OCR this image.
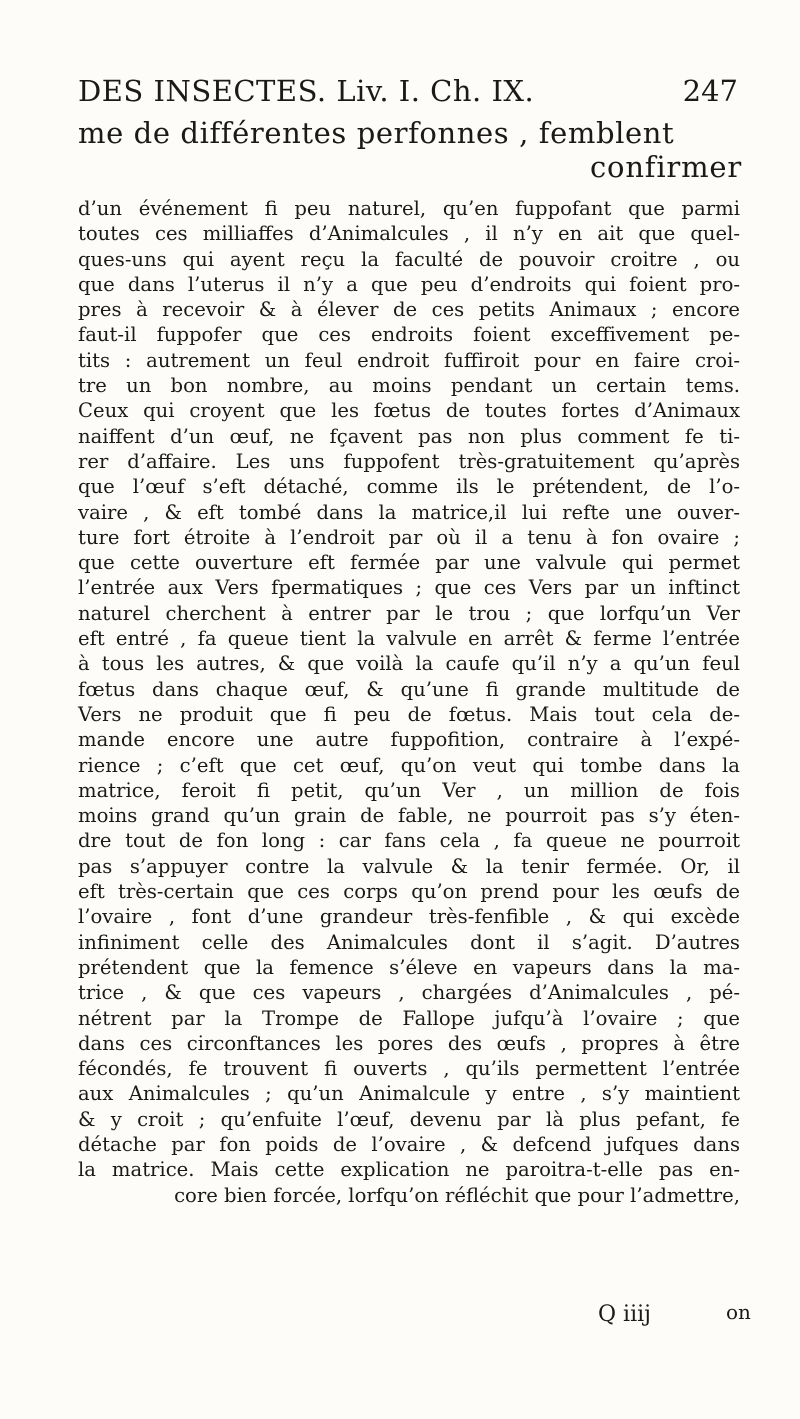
DES INSECTES. Liv. I. Ch. IX.	247
me de différentes perfonnes , femblent
confirmer
d’un événement fi peu naturel, qu’en fuppofant que parmi
toutes ces milliaffes d’Animalcules , il n’y en ait que quel-
ques-uns qui ayent reçu la faculté de pouvoir croitre , ou
que dans l’uterus il n’y a que peu d’endroits qui foient pro-
pres à recevoir & à élever de ces petits Animaux ; encore
faut-il fuppofer que ces endroits foient exceffivement pe-
tits : autrement un feul endroit fuffiroit pour en faire croi-
tre un bon nombre, au moins pendant un certain tems.
Ceux qui croyent que les fœtus de toutes fortes d’Animaux
naiffent d’un œuf, ne fçavent pas non plus comment fe ti-
rer d’affaire. Les uns fuppofent très-gratuitement qu’après
que l’œuf s’eft détaché, comme ils le prétendent, de l’o-
vaire , & eft tombé dans la matrice,il lui refte une ouver-
ture fort étroite à l’endroit par où il a tenu à fon ovaire ;
que cette ouverture eft fermée par une valvule qui permet
l’entrée aux Vers fpermatiques ; que ces Vers par un inftinct
naturel cherchent à entrer par le trou ; que lorfqu’un Ver
eft entré , fa queue tient la valvule en arrêt & ferme l’entrée
à tous les autres, & que voilà la caufe qu’il n’y a qu’un feul
fœtus dans chaque œuf, & qu’une fi grande multitude de
Vers ne produit que fi peu de fœtus. Mais tout cela de-
mande encore une autre fuppofition, contraire à l’expé-
rience ; c’eft que cet œuf, qu’on veut qui tombe dans la
matrice, feroit fi petit, qu’un Ver , un million de fois
moins grand qu’un grain de fable, ne pourroit pas s’y éten-
dre tout de fon long : car fans cela , fa queue ne pourroit
pas s’appuyer contre la valvule & la tenir fermée. Or, il
eft très-certain que ces corps qu’on prend pour les œufs de
l’ovaire , font d’une grandeur très-fenfible , & qui excède
infiniment celle des Animalcules dont il s’agit. D’autres
prétendent que la femence s’éleve en vapeurs dans la ma-
trice , & que ces vapeurs , chargées d’Animalcules , pé-
nétrent par la Trompe de Fallope jufqu’à l’ovaire ; que
dans ces circonftances les pores des œufs , propres à être
fécondés, fe trouvent fi ouverts , qu’ils permettent l’entrée
aux Animalcules ; qu’un Animalcule y entre , s’y maintient
& y croit ; qu’enfuite l’œuf, devenu par là plus pefant, fe
détache par fon poids de l’ovaire , & defcend jufques dans
la matrice. Mais cette explication ne paroitra-t-elle pas en-
core bien forcée, lorfqu’on réfléchit que pour l’admettre,
Q iiij	on
